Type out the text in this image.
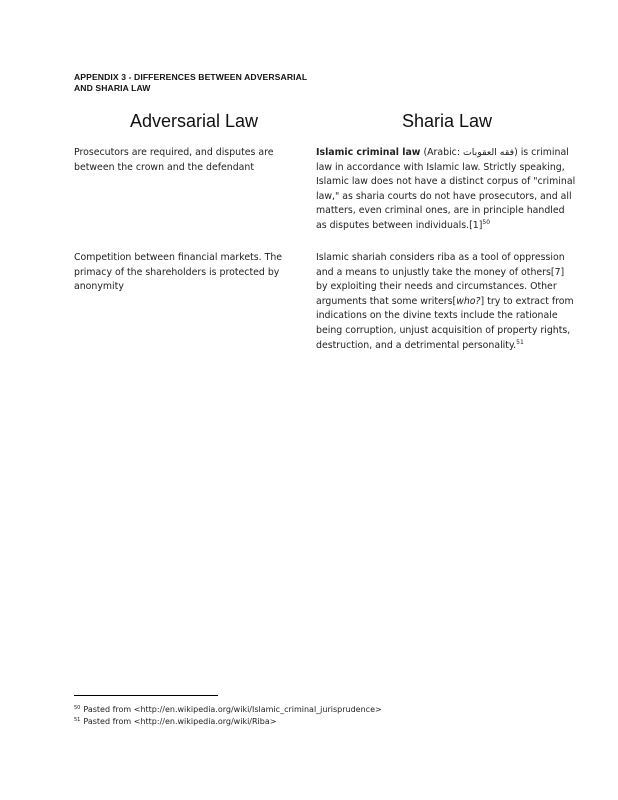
APPENDIX 3 - DIFFERENCES BETWEEN ADVERSARIAL
AND SHARIA LAW
Adversarial Law	Sharia Law
Prosecutors are required, and disputes are between the crown and the defendant
Islamic criminal law (Arabic: فقه العقوبات) is criminal law in accordance with Islamic law. Strictly speaking, Islamic law does not have a distinct corpus of "criminal law," as sharia courts do not have prosecutors, and all matters, even criminal ones, are in principle handled as disputes between $individuals.[1]^{50}$
Competition between financial markets. The primacy of the shareholders is protected by anonymity
Islamic shariah considers riba as a tool of oppression and a means to unjustly take the money of others[7] by exploiting their needs and circumstances. Other arguments that some writers[who?] try to extract from indications on the divine texts include the rationale being corruption, unjust acquisition of property rights, destruction, and a detrimental personality.$^{51}$
$^{50}$ Pasted from <http://en.wikipedia.org/wiki/Islamic_criminal_jurisprudence>
$^{51}$ Pasted from <http://en.wikipedia.org/wiki/Riba>
